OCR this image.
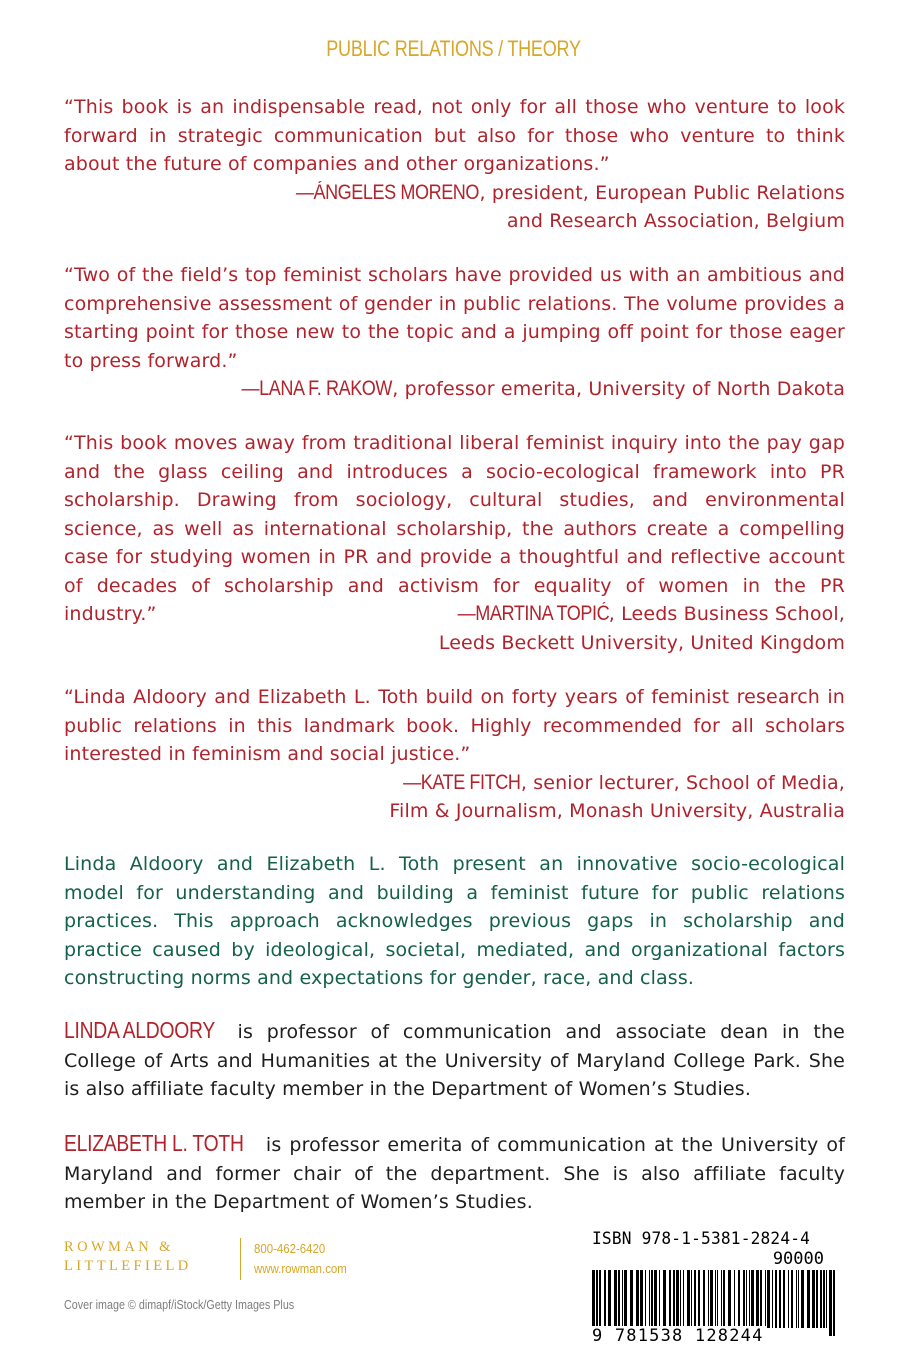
PUBLIC RELATIONS / THEORY

“This book is an indispensable read, not only for all those who venture to look forward in strategic communication but also for those who venture to think about the future of companies and other organizations.”

—ÁNGELES MORENO, president, European Public Relations
and Research Association, Belgium

“Two of the field’s top feminist scholars have provided us with an ambitious and comprehensive assessment of gender in public relations. The volume provides a starting point for those new to the topic and a jumping off point for those eager to press forward.”

—LANA F. RAKOW, professor emerita, University of North Dakota

“This book moves away from traditional liberal feminist inquiry into the pay gap and the glass ceiling and introduces a socio-ecological framework into PR scholarship. Drawing from sociology, cultural studies, and environmental science, as well as international scholarship, the authors create a compelling case for studying women in PR and provide a thoughtful and reflective account of decades of scholarship and activism for equality of women in the PR industry.”	—MARTINA TOPIĆ, Leeds Business School,
Leeds Beckett University, United Kingdom

“Linda Aldoory and Elizabeth L. Toth build on forty years of feminist research in public relations in this landmark book. Highly recommended for all scholars interested in feminism and social justice.”

—KATE FITCH, senior lecturer, School of Media,
Film & Journalism, Monash University, Australia

Linda Aldoory and Elizabeth L. Toth present an innovative socio-ecological model for understanding and building a feminist future for public relations practices. This approach acknowledges previous gaps in scholarship and practice caused by ideological, societal, mediated, and organizational factors constructing norms and expectations for gender, race, and class.

LINDA ALDOORY is professor of communication and associate dean in the College of Arts and Humanities at the University of Maryland College Park. She is also affiliate faculty member in the Department of Women’s Studies.

ELIZABETH L. TOTH is professor emerita of communication at the University of Maryland and former chair of the department. She is also affiliate faculty member in the Department of Women’s Studies.

ROWMAN &
LITTLEFIELD
800-462-6420
www.rowman.com
Cover image © dimapf/iStock/Getty Images Plus
ISBN 978-1-5381-2824-4
90000
9 781538 128244
